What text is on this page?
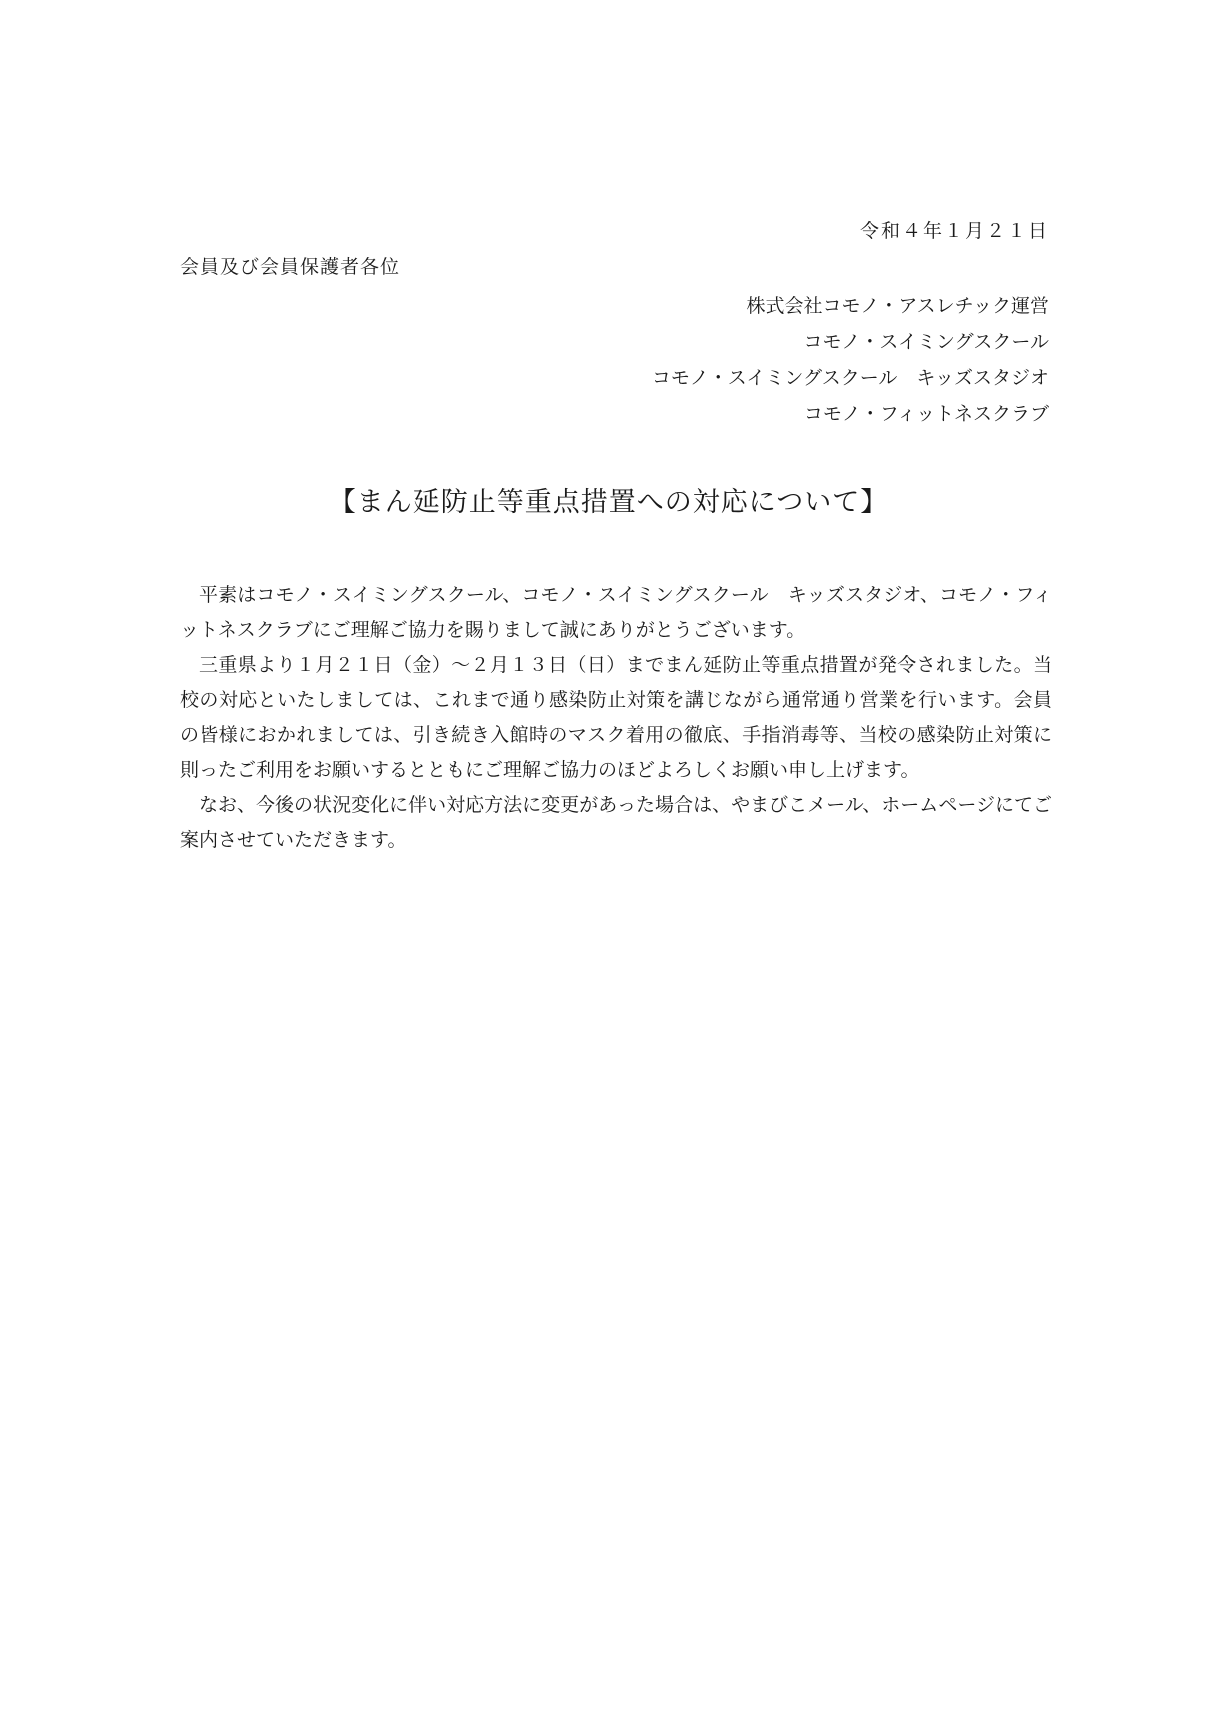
令和４年１月２１日
会員及び会員保護者各位
株式会社コモノ・アスレチック運営
コモノ・スイミングスクール
コモノ・スイミングスクール　キッズスタジオ
コモノ・フィットネスクラブ
【まん延防止等重点措置への対応について】

平素はコモノ・スイミングスクール、コモノ・スイミングスクール　キッズスタジオ、コモノ・フィットネスクラブにご理解ご協力を賜りまして誠にありがとうございます。

三重県より１月２１日（金）～２月１３日（日）までまん延防止等重点措置が発令されました。当校の対応といたしましては、これまで通り感染防止対策を講じながら通常通り営業を行います。会員の皆様におかれましては、引き続き入館時のマスク着用の徹底、手指消毒等、当校の感染防止対策に則ったご利用をお願いするとともにご理解ご協力のほどよろしくお願い申し上げます。

なお、今後の状況変化に伴い対応方法に変更があった場合は、やまびこメール、ホームページにてご案内させていただきます。
